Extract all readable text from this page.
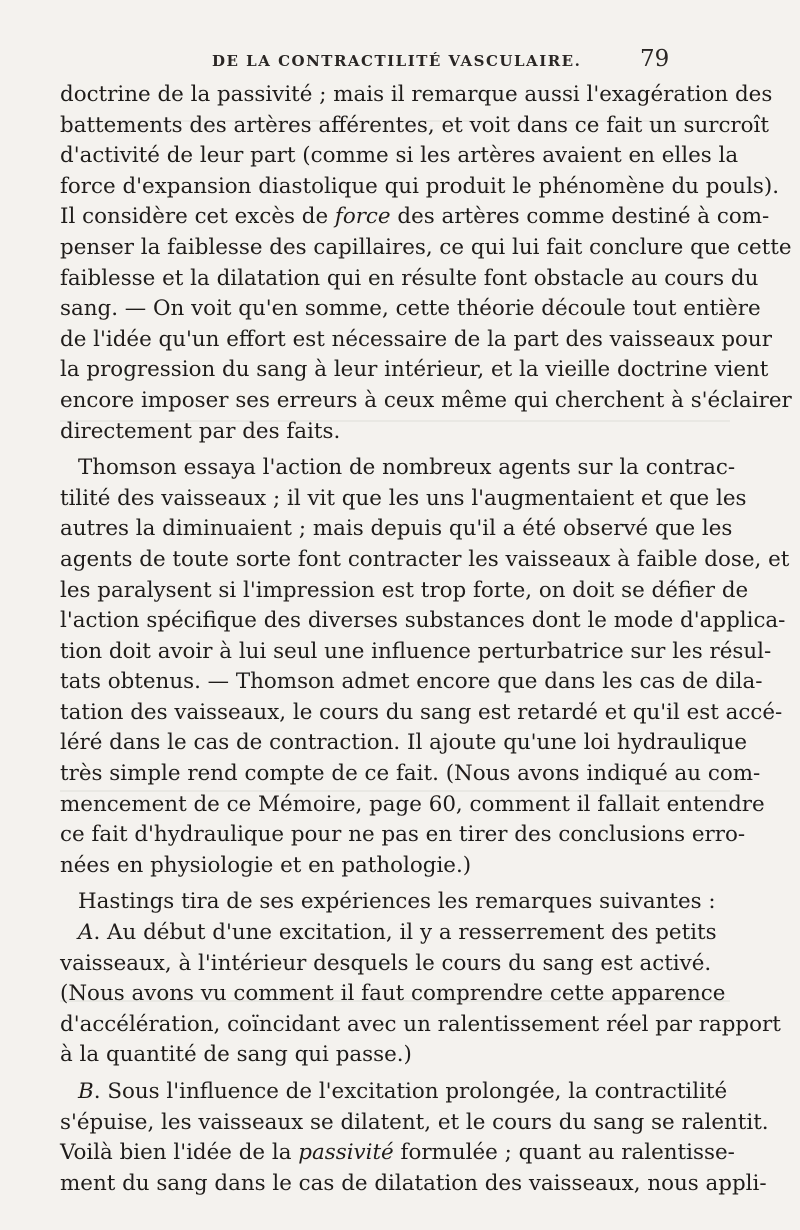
DE LA CONTRACTILITÉ VASCULAIRE.	79
doctrine de la passivité ; mais il remarque aussi l'exagération des
battements des artères afférentes, et voit dans ce fait un surcroît
d'activité de leur part (comme si les artères avaient en elles la
force d'expansion diastolique qui produit le phénomène du pouls).
Il considère cet excès de force des artères comme destiné à com-
penser la faiblesse des capillaires, ce qui lui fait conclure que cette
faiblesse et la dilatation qui en résulte font obstacle au cours du
sang. — On voit qu'en somme, cette théorie découle tout entière
de l'idée qu'un effort est nécessaire de la part des vaisseaux pour
la progression du sang à leur intérieur, et la vieille doctrine vient
encore imposer ses erreurs à ceux même qui cherchent à s'éclairer
directement par des faits.
Thomson essaya l'action de nombreux agents sur la contrac-
tilité des vaisseaux ; il vit que les uns l'augmentaient et que les
autres la diminuaient ; mais depuis qu'il a été observé que les
agents de toute sorte font contracter les vaisseaux à faible dose, et
les paralysent si l'impression est trop forte, on doit se défier de
l'action spécifique des diverses substances dont le mode d'applica-
tion doit avoir à lui seul une influence perturbatrice sur les résul-
tats obtenus. — Thomson admet encore que dans les cas de dila-
tation des vaisseaux, le cours du sang est retardé et qu'il est accé-
léré dans le cas de contraction. Il ajoute qu'une loi hydraulique
très simple rend compte de ce fait. (Nous avons indiqué au com-
mencement de ce Mémoire, page 60, comment il fallait entendre
ce fait d'hydraulique pour ne pas en tirer des conclusions erro-
nées en physiologie et en pathologie.)
Hastings tira de ses expériences les remarques suivantes :
A. Au début d'une excitation, il y a resserrement des petits
vaisseaux, à l'intérieur desquels le cours du sang est activé.
(Nous avons vu comment il faut comprendre cette apparence
d'accélération, coïncidant avec un ralentissement réel par rapport
à la quantité de sang qui passe.)
B. Sous l'influence de l'excitation prolongée, la contractilité
s'épuise, les vaisseaux se dilatent, et le cours du sang se ralentit.
Voilà bien l'idée de la passivité formulée ; quant au ralentisse-
ment du sang dans le cas de dilatation des vaisseaux, nous appli-
